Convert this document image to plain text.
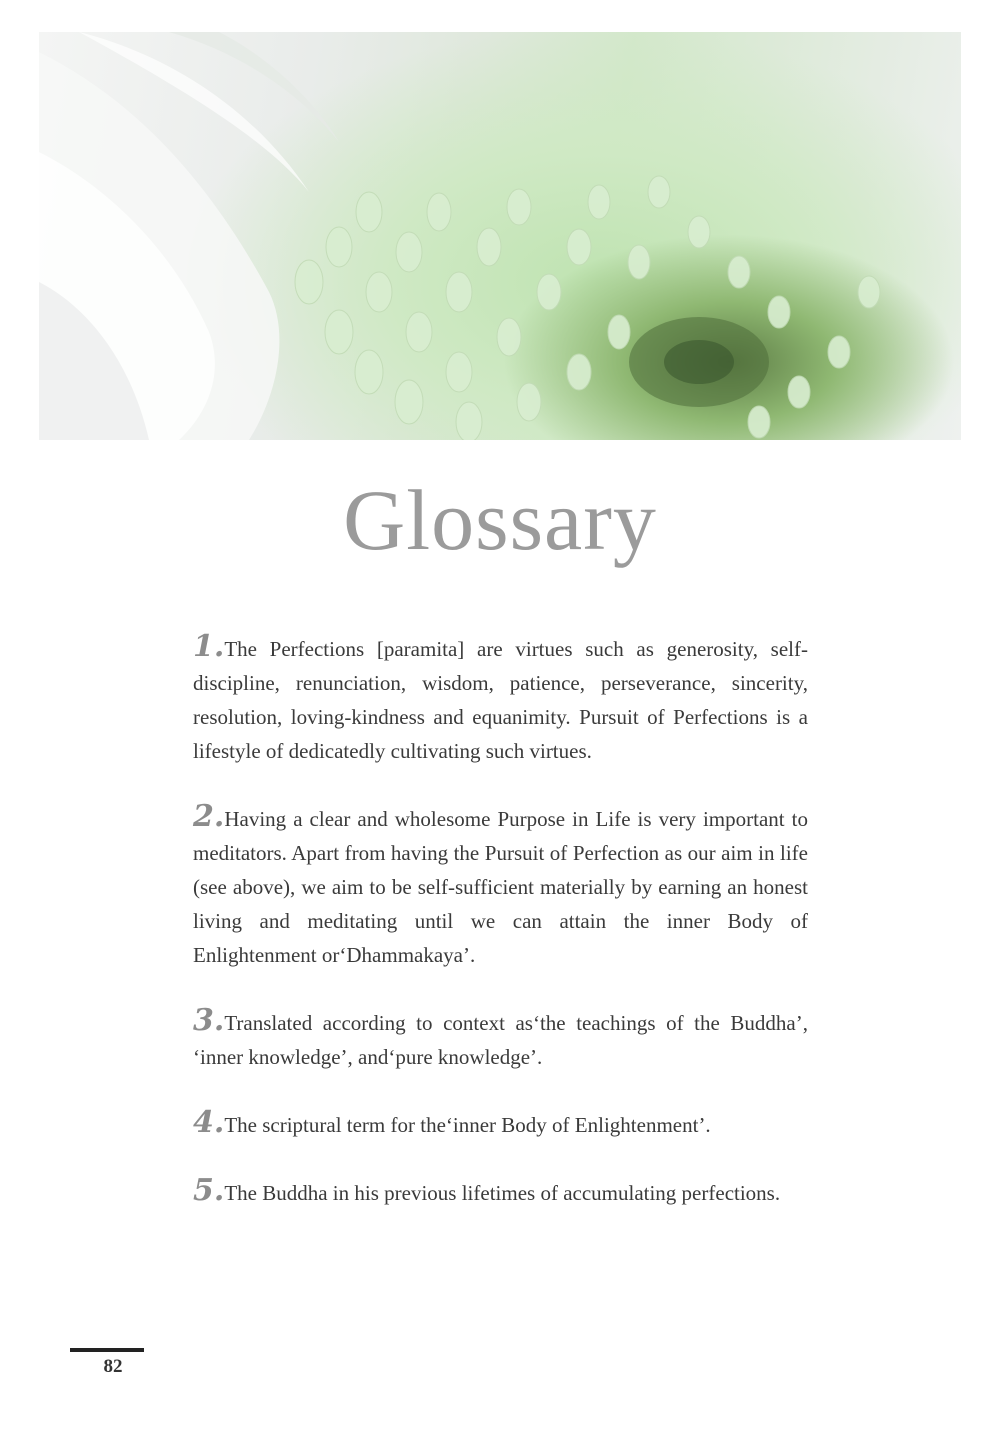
Glossary

1.The Perfections [paramita] are virtues such as generosity, self-discipline, renunciation, wisdom, patience, perseverance, sincerity, resolution, loving-kindness and equanimity. Pursuit of Perfections is a lifestyle of dedicatedly cultivating such virtues.

2.Having a clear and wholesome Purpose in Life is very important to meditators. Apart from having the Pursuit of Perfection as our aim in life (see above), we aim to be self-sufficient materially by earning an honest living and meditating until we can attain the inner Body of Enlightenment or‘Dhammakaya’.

3.Translated according to context as‘the teachings of the Buddha’, ‘inner knowledge’, and‘pure knowledge’.

4.The scriptural term for the‘inner Body of Enlightenment’.

5.The Buddha in his previous lifetimes of accumulating perfections.

82
